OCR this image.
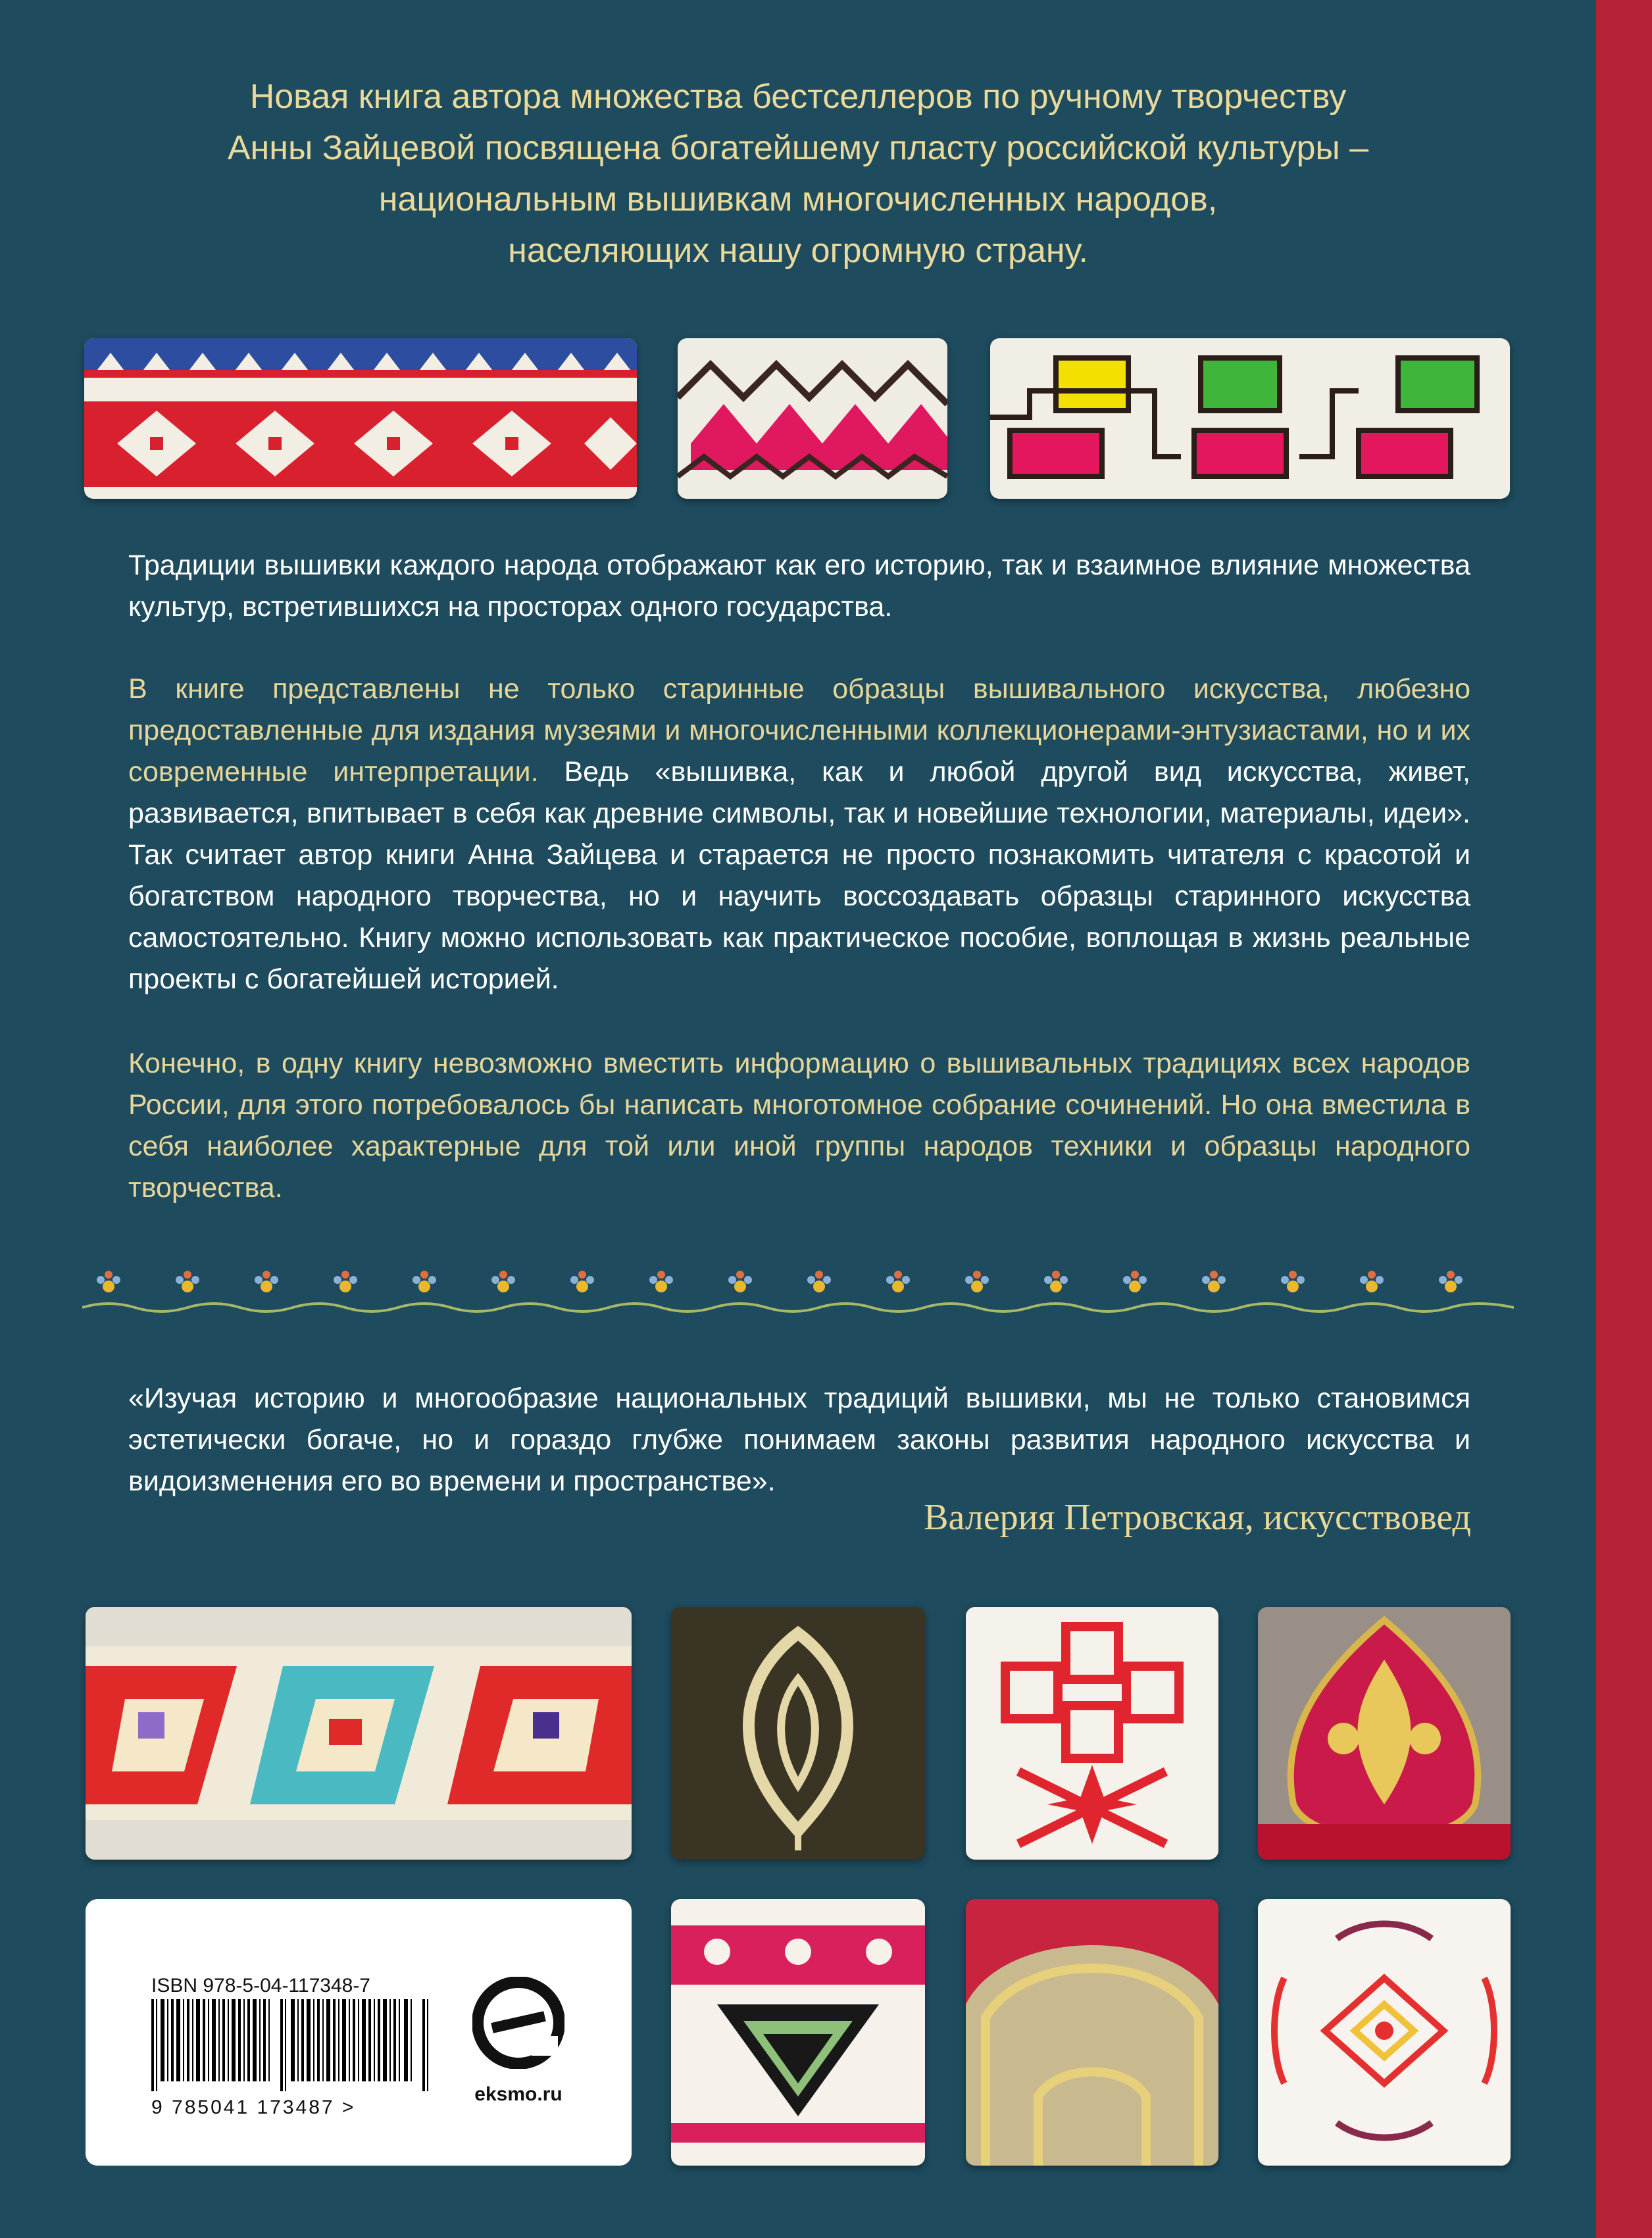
Новая книга автора множества бестселлеров по ручному творчеству
Анны Зайцевой посвящена богатейшему пласту российской культуры –
национальным вышивкам многочисленных народов,
населяющих нашу огромную страну.

Традиции вышивки каждого народа отображают как его историю, так и взаимное влияние множества культур, встретившихся на просторах одного государства.

В книге представлены не только старинные образцы вышивального искусства, любезно предоставленные для издания музеями и многочисленными коллекционерами-энтузиастами, но и их современные интерпретации. Ведь «вышивка, как и любой другой вид искусства, живет, развивается, впитывает в себя как древние символы, так и новейшие технологии, материалы, идеи». Так считает автор книги Анна Зайцева и старается не просто познакомить читателя с красотой и богатством народного творчества, но и научить воссоздавать образцы старинного искусства самостоятельно. Книгу можно использовать как практическое пособие, воплощая в жизнь реальные проекты с богатейшей историей.

Конечно, в одну книгу невозможно вместить информацию о вышивальных традициях всех народов России, для этого потребовалось бы написать многотомное собрание сочинений. Но она вместила в себя наиболее характерные для той или иной группы народов техники и образцы народного творчества.

«Изучая историю и многообразие национальных традиций вышивки, мы не только становимся эстетически богаче, но и гораздо глубже понимаем законы развития народного искусства и видоизменения его во времени и пространстве».

Валерия Петровская, искусствовед
ISBN 978-5-04-117348-7
9 785041 173487 >
eksmo.ru
